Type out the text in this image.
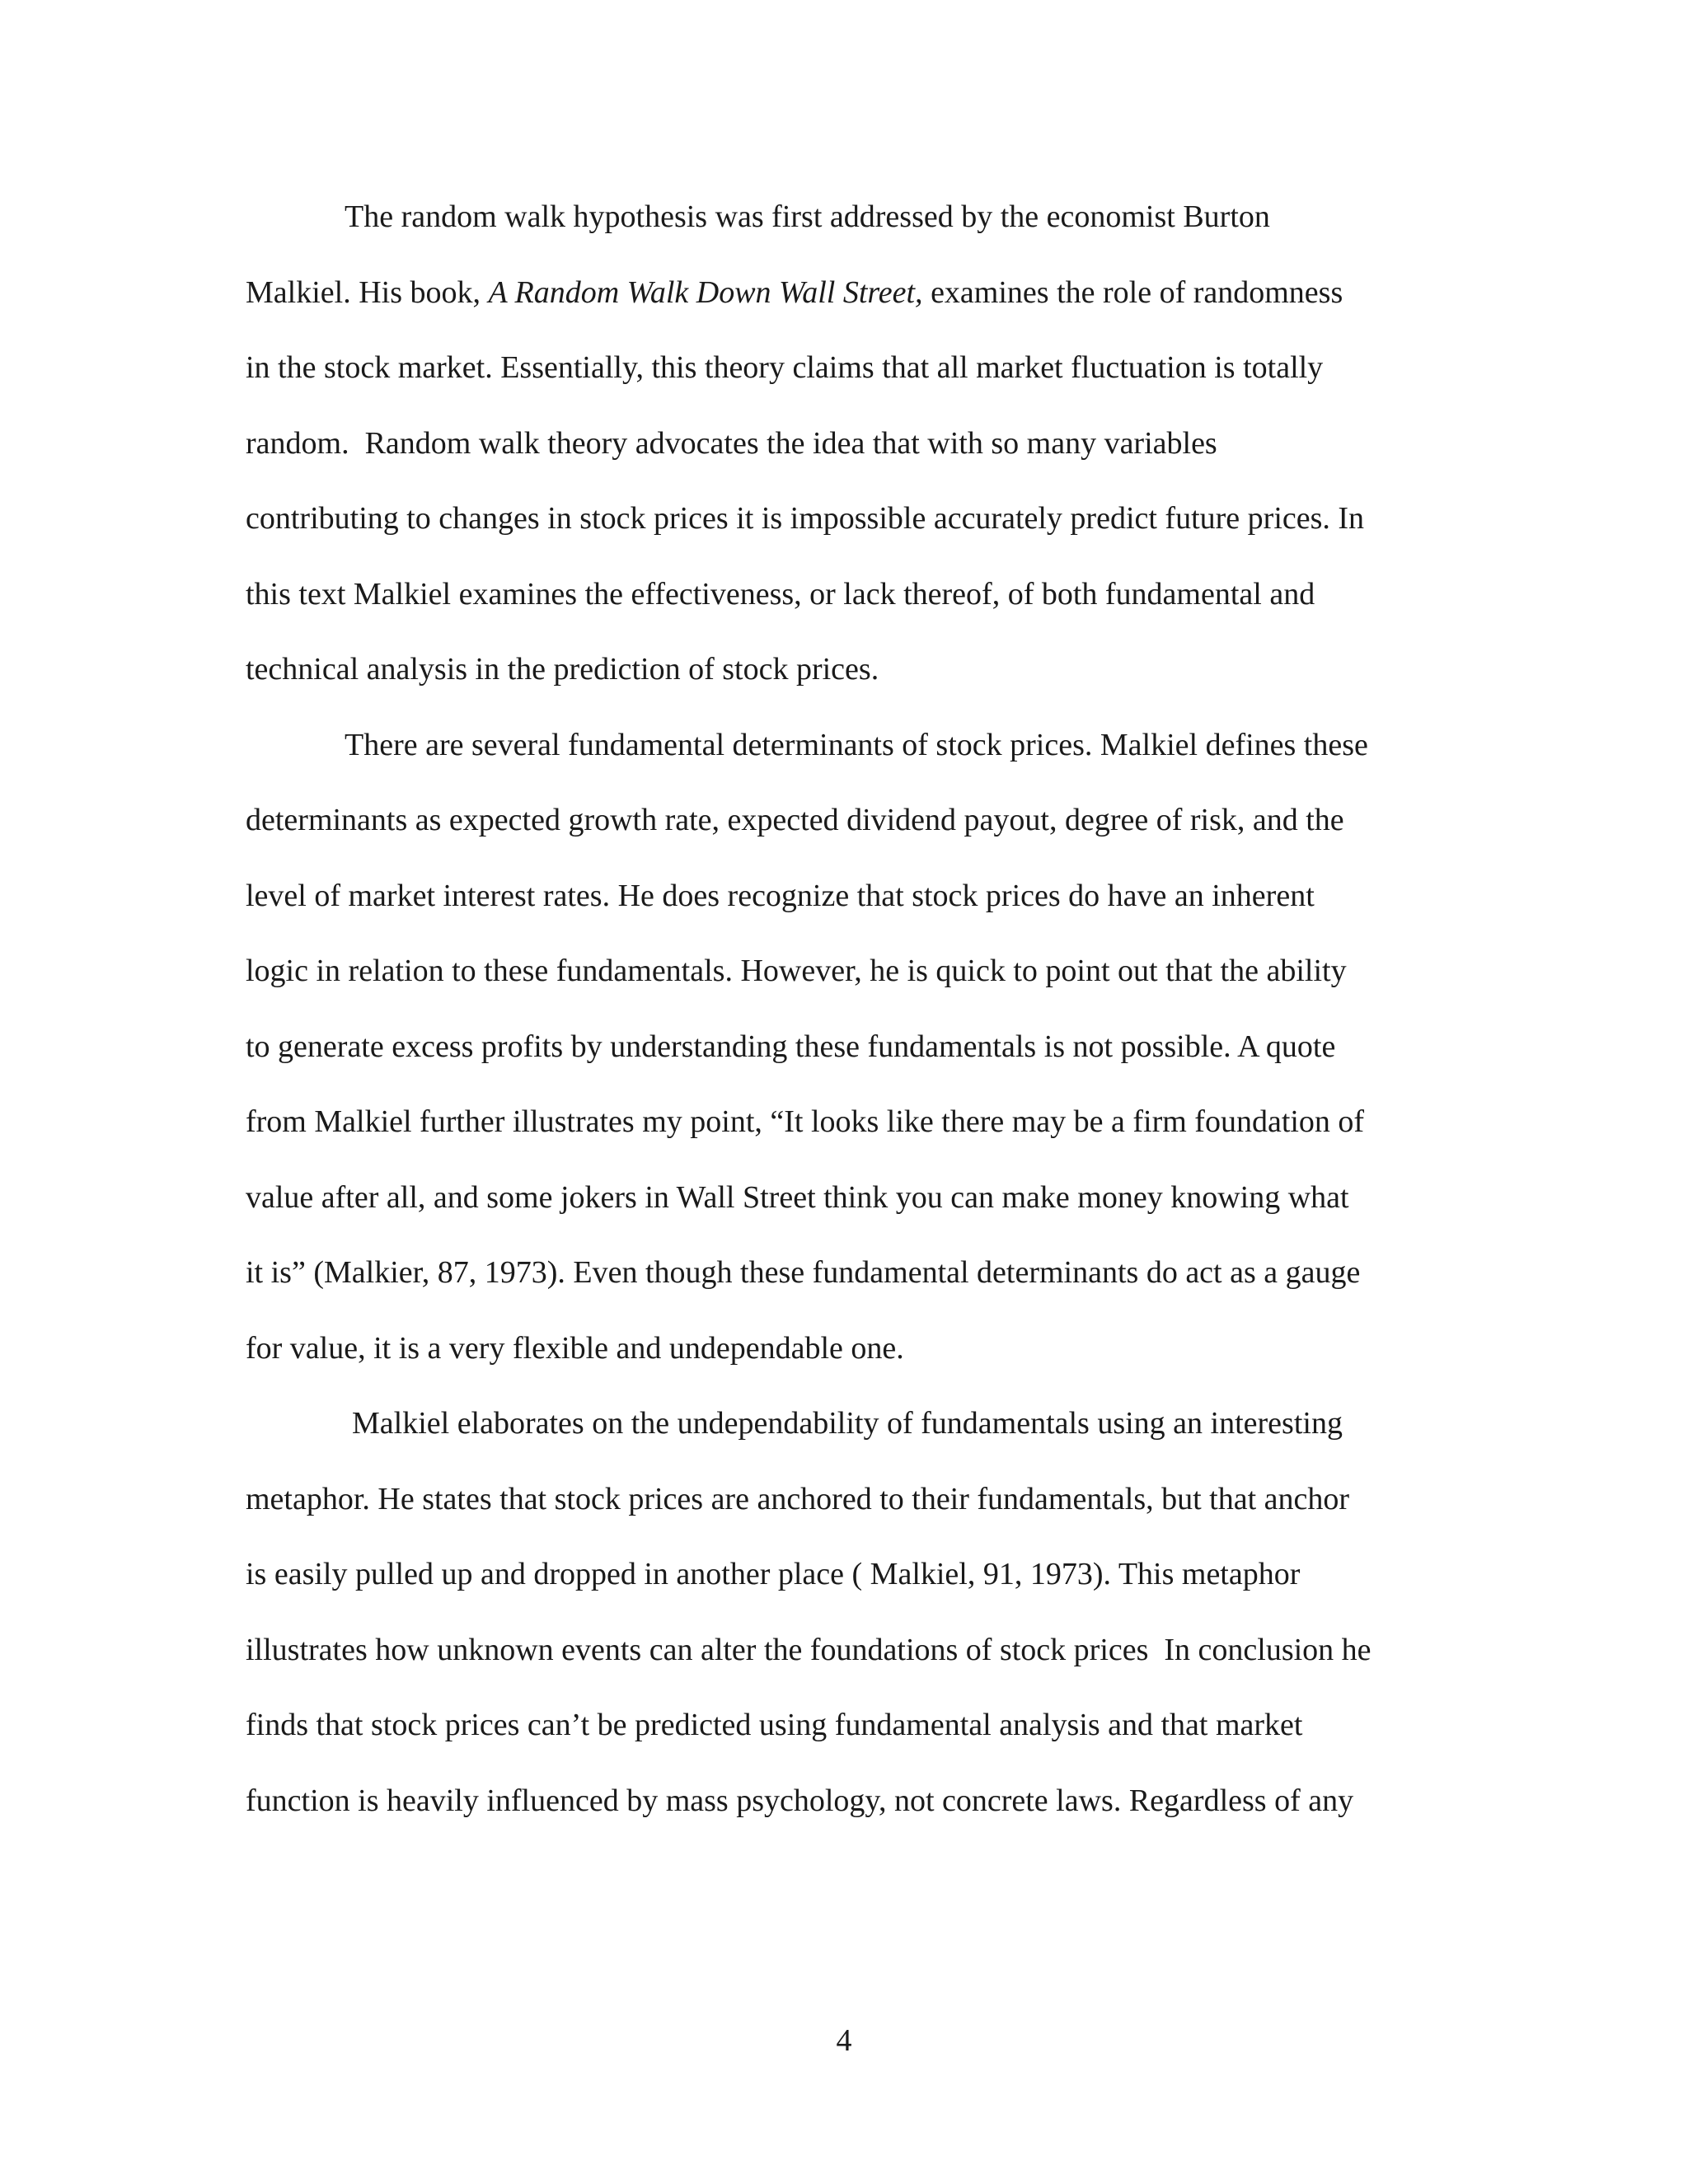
The random walk hypothesis was first addressed by the economist Burton

Malkiel. His book, A Random Walk Down Wall Street, examines the role of randomness

in the stock market. Essentially, this theory claims that all market fluctuation is totally

random.  Random walk theory advocates the idea that with so many variables

contributing to changes in stock prices it is impossible accurately predict future prices. In

this text Malkiel examines the effectiveness, or lack thereof, of both fundamental and

technical analysis in the prediction of stock prices.

There are several fundamental determinants of stock prices. Malkiel defines these

determinants as expected growth rate, expected dividend payout, degree of risk, and the

level of market interest rates. He does recognize that stock prices do have an inherent

logic in relation to these fundamentals. However, he is quick to point out that the ability

to generate excess profits by understanding these fundamentals is not possible. A quote

from Malkiel further illustrates my point, “It looks like there may be a firm foundation of

value after all, and some jokers in Wall Street think you can make money knowing what

it is” (Malkier, 87, 1973). Even though these fundamental determinants do act as a gauge

for value, it is a very flexible and undependable one.

Malkiel elaborates on the undependability of fundamentals using an interesting

metaphor. He states that stock prices are anchored to their fundamentals, but that anchor

is easily pulled up and dropped in another place ( Malkiel, 91, 1973). This metaphor

illustrates how unknown events can alter the foundations of stock prices  In conclusion he

finds that stock prices can’t be predicted using fundamental analysis and that market

function is heavily influenced by mass psychology, not concrete laws. Regardless of any

4
